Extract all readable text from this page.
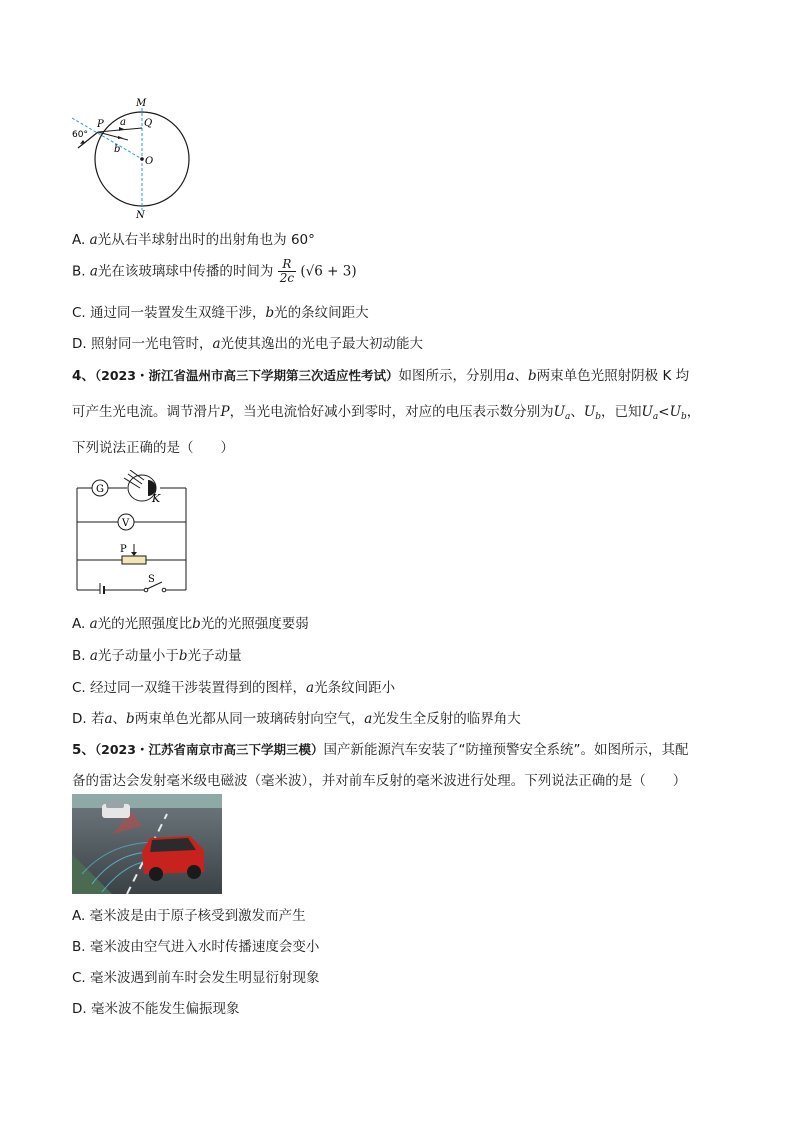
M
N
P	Q
O
a
b
60°
A. a光从右半球射出时的出射角也为 60°
B. a光在该玻璃球中传播的时间为 $\frac{R}{2c} (√6 + 3)$
C. 通过同一装置发生双缝干涉，b光的条纹间距大
D. 照射同一光电管时，a光使其逸出的光电子最大初动能大
4、（2023・浙江省温州市高三下学期第三次适应性考试）如图所示，分别用a、b两束单色光照射阴极 K 均
可产生光电流。调节滑片P，当光电流恰好减小到零时，对应的电压表示数分别为$U_a$、$U_b$，已知$U_a<U_b$，
下列说法正确的是（　　）
G
K
V
P
S
A. a光的光照强度比b光的光照强度要弱
B. a光子动量小于b光子动量
C. 经过同一双缝干涉装置得到的图样，a光条纹间距小
D. 若a、b两束单色光都从同一玻璃砖射向空气，a光发生全反射的临界角大
5、（2023・江苏省南京市高三下学期三模）国产新能源汽车安装了“防撞预警安全系统”。如图所示，其配
备的雷达会发射毫米级电磁波（毫米波），并对前车反射的毫米波进行处理。下列说法正确的是（　　）
A. 毫米波是由于原子核受到激发而产生
B. 毫米波由空气进入水时传播速度会变小
C. 毫米波遇到前车时会发生明显衍射现象
D. 毫米波不能发生偏振现象
